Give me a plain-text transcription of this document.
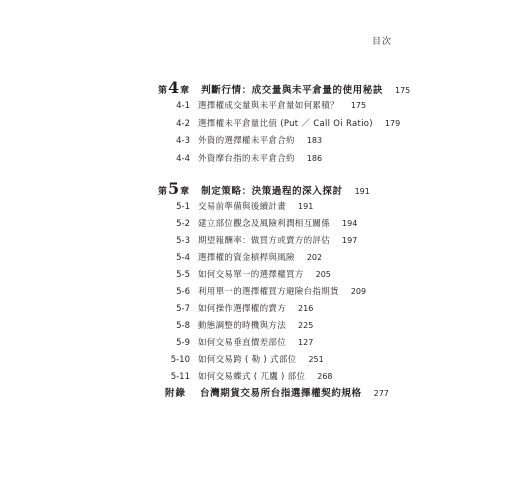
目次
第 4 章 判斷行情：成交量與未平倉量的使用秘訣 175
4-1 選擇權成交量與未平倉量如何累積？ 175
4-2 選擇權未平倉量比值 (Put ／ Call Oi Ratio) 179
4-3 外資的選擇權未平倉合約 183
4-4 外資摩台指的未平倉合約 186
第 5 章 制定策略：決策過程的深入探討 191
5-1 交易前準備與後續計畫 191
5-2 建立部位觀念及風險利潤相互關係 194
5-3 期望報酬率：做買方或賣方的評估 197
5-4 選擇權的資金槓桿與風險 202
5-5 如何交易單一的選擇權買方 205
5-6 利用單一的選擇權買方避險台指期貨 209
5-7 如何操作選擇權的賣方 216
5-8 動態調整的時機與方法 225
5-9 如何交易垂直價差部位 127
5-10 如何交易跨 ( 勒 ) 式部位 251
5-11 如何交易蝶式 ( 兀鷹 ) 部位 268
附錄 台灣期貨交易所台指選擇權契約規格 277
